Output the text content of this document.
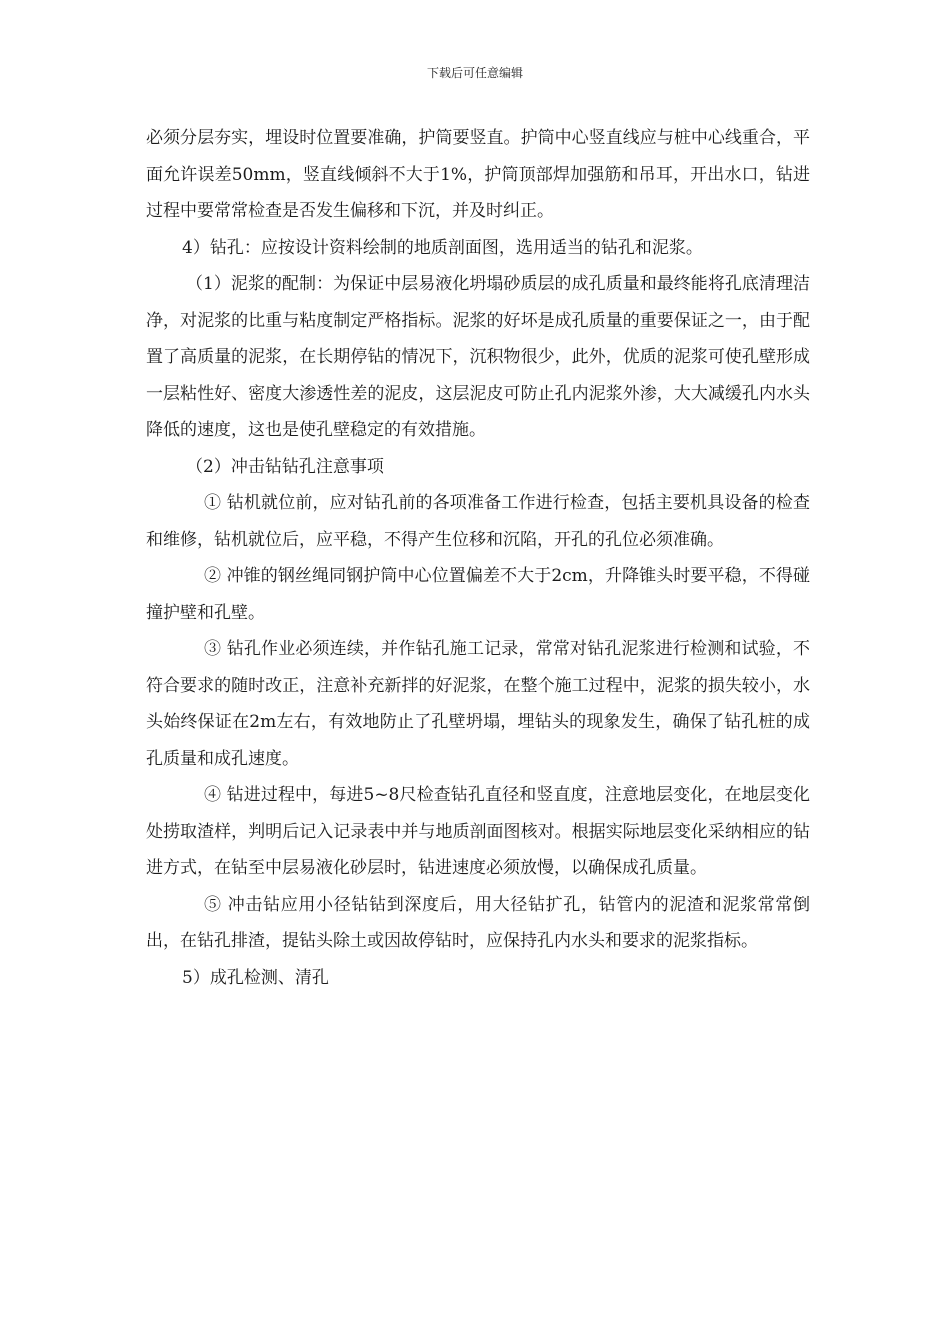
下载后可任意编辑

必须分层夯实，埋设时位置要准确，护筒要竖直。护筒中心竖直线应与桩中心线重合，平面允许误差50mm，竖直线倾斜不大于1%，护筒顶部焊加强筋和吊耳，开出水口，钻进过程中要常常检查是否发生偏移和下沉，并及时纠正。

4）钻孔：应按设计资料绘制的地质剖面图，选用适当的钻孔和泥浆。

（1）泥浆的配制：为保证中层易液化坍塌砂质层的成孔质量和最终能将孔底清理洁净，对泥浆的比重与粘度制定严格指标。泥浆的好坏是成孔质量的重要保证之一，由于配置了高质量的泥浆，在长期停钻的情况下，沉积物很少，此外，优质的泥浆可使孔壁形成一层粘性好、密度大渗透性差的泥皮，这层泥皮可防止孔内泥浆外渗，大大减缓孔内水头降低的速度，这也是使孔壁稳定的有效措施。

（2）冲击钻钻孔注意事项

① 钻机就位前，应对钻孔前的各项准备工作进行检查，包括主要机具设备的检查和维修，钻机就位后，应平稳，不得产生位移和沉陷，开孔的孔位必须准确。

② 冲锥的钢丝绳同钢护筒中心位置偏差不大于2cm，升降锥头时要平稳，不得碰撞护壁和孔壁。

③ 钻孔作业必须连续，并作钻孔施工记录，常常对钻孔泥浆进行检测和试验，不符合要求的随时改正，注意补充新拌的好泥浆，在整个施工过程中，泥浆的损失较小，水头始终保证在2m左右，有效地防止了孔壁坍塌，埋钻头的现象发生，确保了钻孔桩的成孔质量和成孔速度。

④ 钻进过程中，每进5~8尺检查钻孔直径和竖直度，注意地层变化，在地层变化处捞取渣样，判明后记入记录表中并与地质剖面图核对。根据实际地层变化采纳相应的钻进方式，在钻至中层易液化砂层时，钻进速度必须放慢，以确保成孔质量。

⑤ 冲击钻应用小径钻钻到深度后，用大径钻扩孔，钻管内的泥渣和泥浆常常倒出，在钻孔排渣，提钻头除土或因故停钻时，应保持孔内水头和要求的泥浆指标。

5）成孔检测、清孔
